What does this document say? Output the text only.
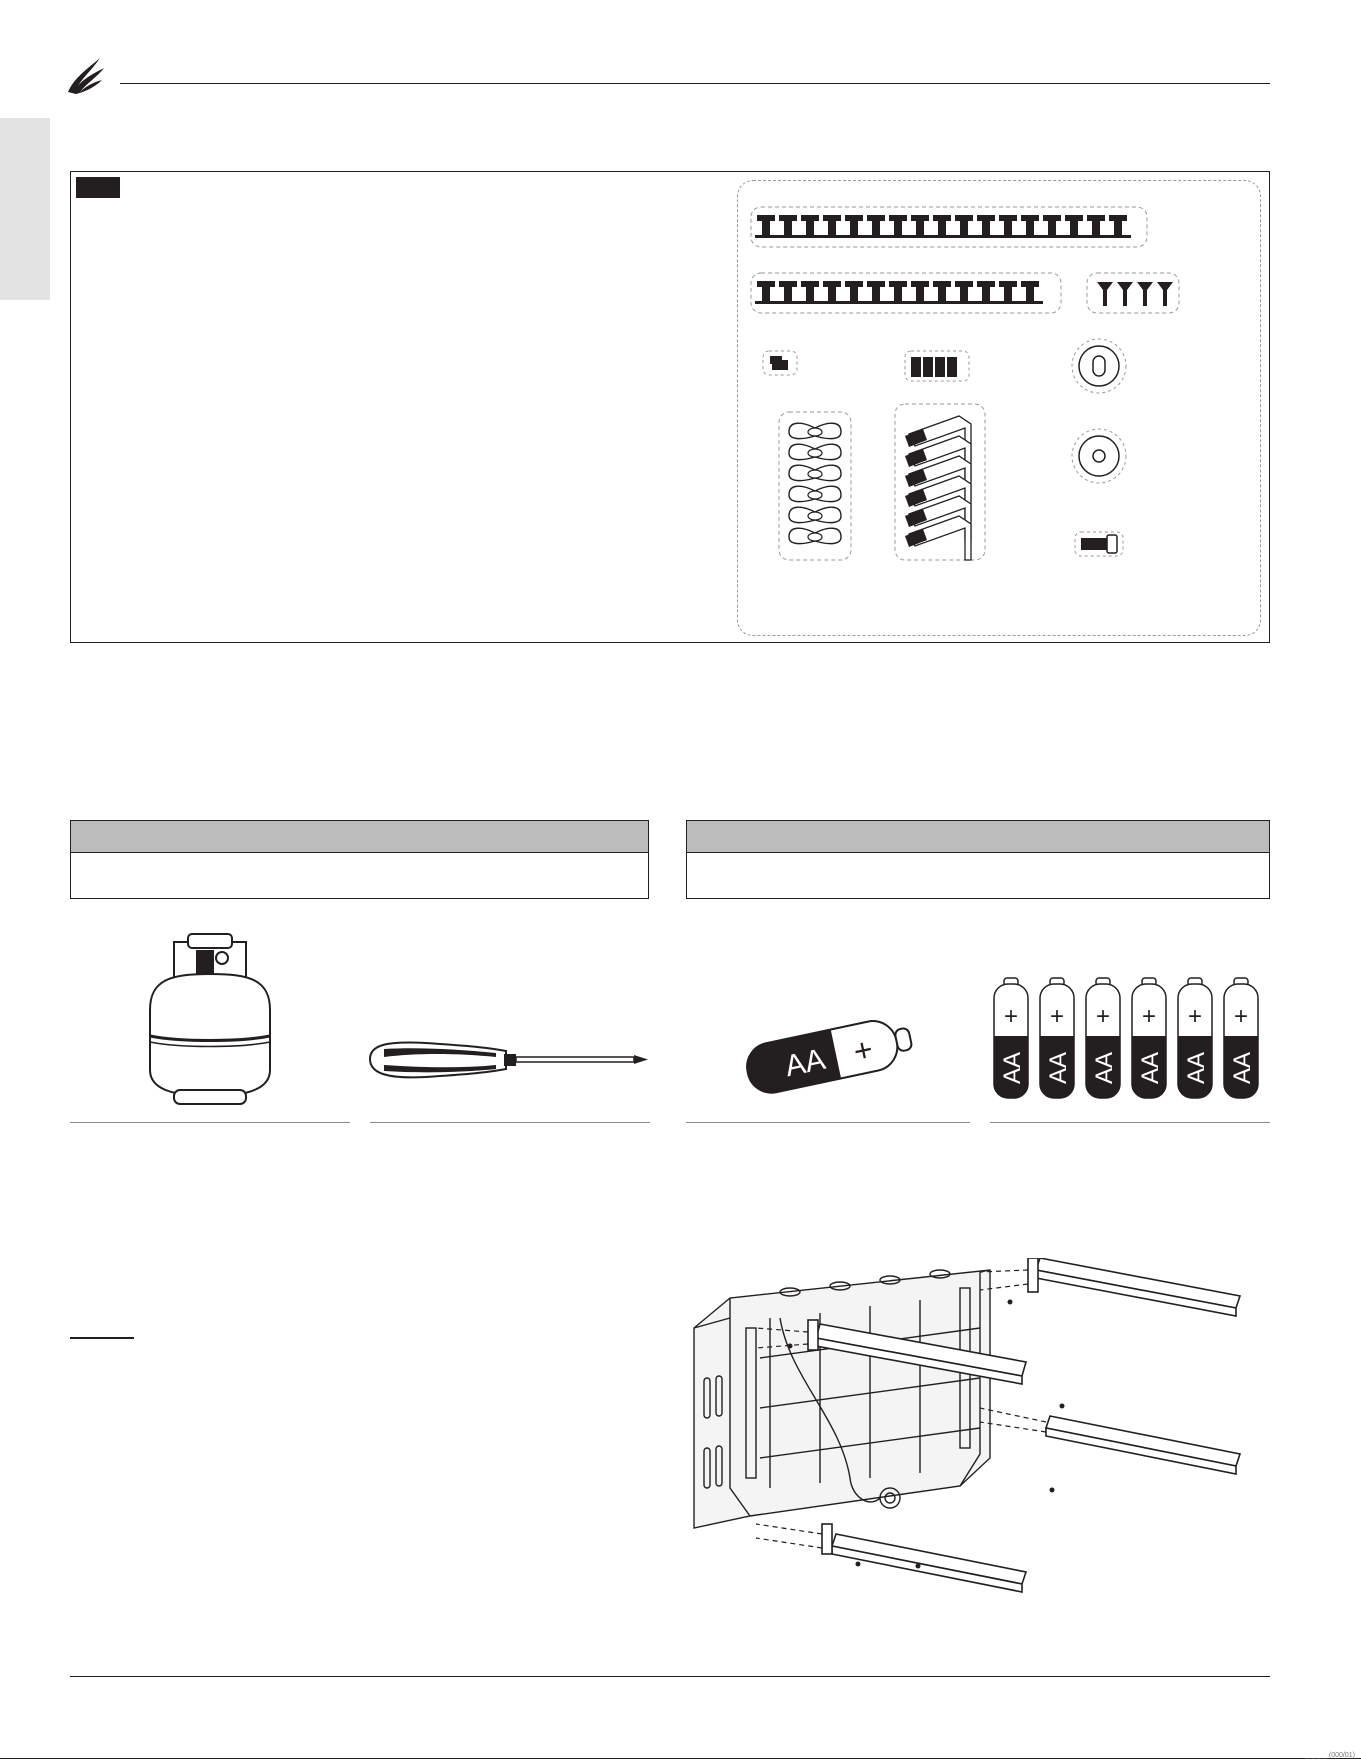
AA +
+
AA
+
AA
+
AA
+
AA
+
AA
+
AA
_ _ _ _ (000/01)
